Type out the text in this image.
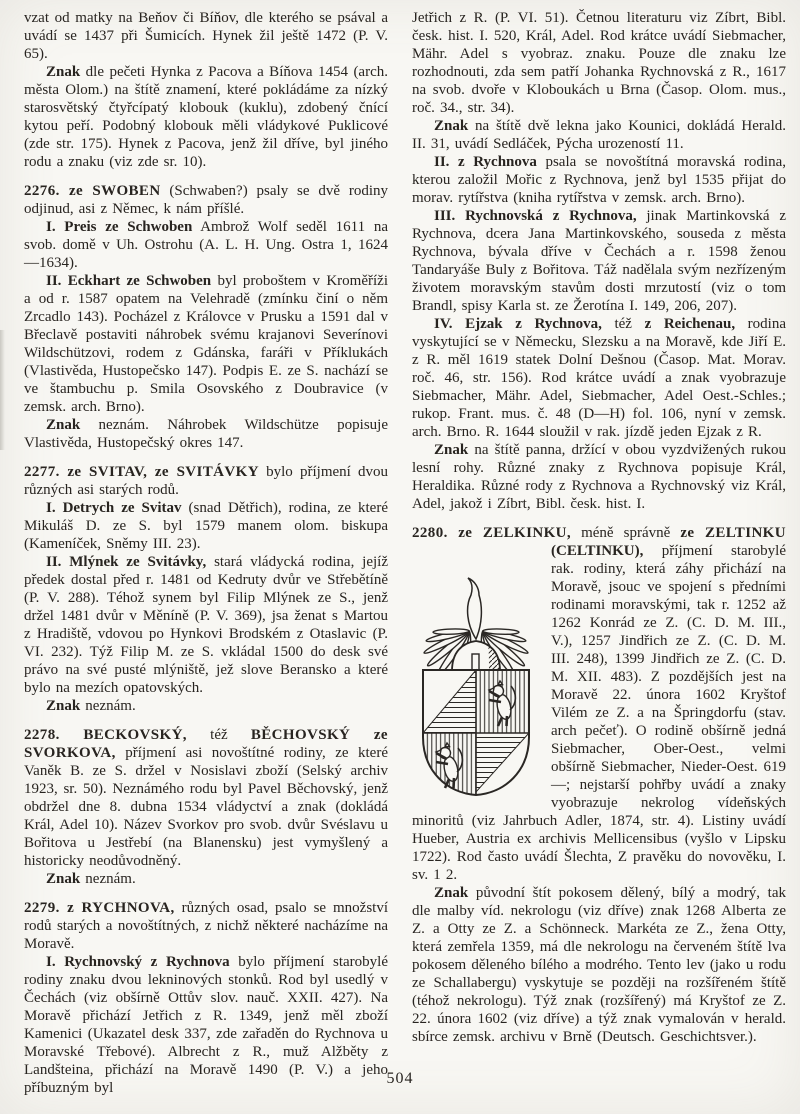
vzat od matky na Beňov či Bíňov, dle kterého se psával a uvádí se 1437 při Šumicích. Hynek žil ještě 1472 (P. V. 65).

Znak dle pečeti Hynka z Pacova a Bíňova 1454 (arch. města Olom.) na štítě znamení, které pokládáme za nízký starosvětský čtyřcípatý klobouk (kuklu), zdobený čnící kytou peří. Podobný klobouk měli vládykové Puklicové (zde str. 175). Hynek z Pacova, jenž žil dříve, byl jiného rodu a znaku (viz zde sr. 10).

2276. ze SWOBEN (Schwaben?) psaly se dvě rodiny odjinud, asi z Němec, k nám příšlé.

I. Preis ze Schwoben Ambrož Wolf seděl 1611 na svob. domě v Uh. Ostrohu (A. L. H. Ung. Ostra 1, 1624—1634).

II. Eckhart ze Schwoben byl proboštem v Kroměříži a od r. 1587 opatem na Velehradě (zmínku činí o něm Zrcadlo 143). Pocházel z Královce v Prusku a 1591 dal v Břeclavě postaviti náhrobek svému krajanovi Severínovi Wildschützovi, rodem z Gdánska, faráři v Příklukách (Vlastivěda, Hustopečsko 147). Podpis E. ze S. nachází se ve štambuchu p. Smila Osovského z Doubravice (v zemsk. arch. Brno).

Znak neznám. Náhrobek Wildschütze popisuje Vlastivěda, Hustopečský okres 147.

2277. ze SVITAV, ze SVITÁVKY bylo příjmení dvou různých asi starých rodů.

I. Detrych ze Svitav (snad Dětřich), rodina, ze které Mikuláš D. ze S. byl 1579 manem olom. biskupa (Kameníček, Sněmy III. 23).

II. Mlýnek ze Svitávky, stará vládycká rodina, jejíž předek dostal před r. 1481 od Kedruty dvůr ve Střebětíně (P. V. 288). Téhož synem byl Filip Mlýnek ze S., jenž držel 1481 dvůr v Měníně (P. V. 369), jsa ženat s Martou z Hradiště, vdovou po Hynkovi Brodském z Otaslavic (P. VI. 232). Týž Filip M. ze S. vkládal 1500 do desk své právo na své pusté mlýniště, jež slove Beransko a které bylo na mezích opatovských.

Znak neznám.

2278. BECKOVSKÝ, též BĚCHOVSKÝ ze SVORKOVA, příjmení asi novoštítné rodiny, ze které Vaněk B. ze S. držel v Nosislavi zboží (Selský archiv 1923, sr. 50). Neznámého rodu byl Pavel Běchovský, jenž obdržel dne 8. dubna 1534 vládyctví a znak (dokládá Král, Adel 10). Název Svorkov pro svob. dvůr Svéslavu u Bořitova u Jestřebí (na Blanensku) jest vymyšlený a historicky neodůvodněný.

Znak neznám.

2279. z RYCHNOVA, různých osad, psalo se množství rodů starých a novoštítných, z nichž některé nacházíme na Moravě.

I. Rychnovský z Rychnova bylo příjmení starobylé rodiny znaku dvou lekninových stonků. Rod byl usedlý v Čechách (viz obšírně Ottův slov. nauč. XXII. 427). Na Moravě přichází Jetřich z R. 1349, jenž měl zboží Kamenici (Ukazatel desk 337, zde zařaděn do Rychnova u Moravské Třebové). Albrecht z R., muž Alžběty z Landšteina, přichází na Moravě 1490 (P. V.) a jeho příbuzným byl

Jetřich z R. (P. VI. 51). Četnou literaturu viz Zíbrt, Bibl. česk. hist. I. 520, Král, Adel. Rod krátce uvádí Siebmacher, Mähr. Adel s vyobraz. znaku. Pouze dle znaku lze rozhodnouti, zda sem patří Johanka Rychnovská z R., 1617 na svob. dvoře v Kloboukách u Brna (Časop. Olom. mus., roč. 34., str. 34).

Znak na štítě dvě lekna jako Kounici, dokládá Herald. II. 31, uvádí Sedláček, Pýcha urozeností 11.

II. z Rychnova psala se novoštítná moravská rodina, kterou založil Mořic z Rychnova, jenž byl 1535 přijat do morav. rytířstva (kniha rytířstva v zemsk. arch. Brno).

III. Rychnovská z Rychnova, jinak Martinkovská z Rychnova, dcera Jana Martinkovského, souseda z města Rychnova, bývala dříve v Čechách a r. 1598 ženou Tandaryáše Buly z Bořitova. Táž nadělala svým nezřízeným životem moravským stavům dosti mrzutostí (viz o tom Brandl, spisy Karla st. ze Žerotína I. 149, 206, 207).

IV. Ejzak z Rychnova, též z Reichenau, rodina vyskytující se v Německu, Slezsku a na Moravě, kde Jiří E. z R. měl 1619 statek Dolní Dešnou (Časop. Mat. Morav. roč. 46, str. 156). Rod krátce uvádí a znak vyobrazuje Siebmacher, Mähr. Adel, Siebmacher, Adel Oest.-Schles.; rukop. Frant. mus. č. 48 (D—H) fol. 106, nyní v zemsk. arch. Brno. R. 1644 sloužil v rak. jízdě jeden Ejzak z R.

Znak na štítě panna, držící v obou vyzdvižených rukou lesní rohy. Různé znaky z Rychnova popisuje Král, Heraldika. Různé rody z Rychnova a Rychnovský viz Král, Adel, jakož i Zíbrt, Bibl. česk. hist. I.

2280. ze ZELKINKU, méně správně ze ZELTINKU

(CELTINKU), příjmení starobylé rak. rodiny, která záhy přichází na Moravě, jsouc ve spojení s předními rodinami moravskými, tak r. 1252 až 1262 Konrád ze Z. (C. D. M. III., V.), 1257 Jindřich ze Z. (C. D. M. III. 248), 1399 Jindřich ze Z. (C. D. M. XII. 483). Z pozdějších jest na Moravě 22. února 1602 Kryštof Vilém ze Z. a na Špringdorfu (stav. arch pečeť). O rodině obšírně jedná Siebmacher, Ober-Oest., velmi obšírně Siebmacher, Nieder-Oest. 619—; nejstarší pohřby uvádí a znaky vyobrazuje nekrolog vídeňských minoritů (viz Jahrbuch Adler, 1874, str. 4). Listiny uvádí Hueber, Austria ex archivis Mellicensibus (vyšlo v Lipsku 1722). Rod často uvádí Šlechta, Z pravěku do novověku, I. sv. 1 2.

Znak původní štít pokosem dělený, bílý a modrý, tak dle malby víd. nekrologu (viz dříve) znak 1268 Alberta ze Z. a Otty ze Z. a Schönneck. Markéta ze Z., žena Otty, která zemřela 1359, má dle nekrologu na červeném štítě lva pokosem děleného bílého a modrého. Tento lev (jako u rodu ze Schallabergu) vyskytuje se později na rozšířeném štítě (téhož nekrologu). Týž znak (rozšířený) má Kryštof ze Z. 22. února 1602 (viz dříve) a týž znak vymalován v herald. sbírce zemsk. archivu v Brně (Deutsch. Geschichtsver.).

504
